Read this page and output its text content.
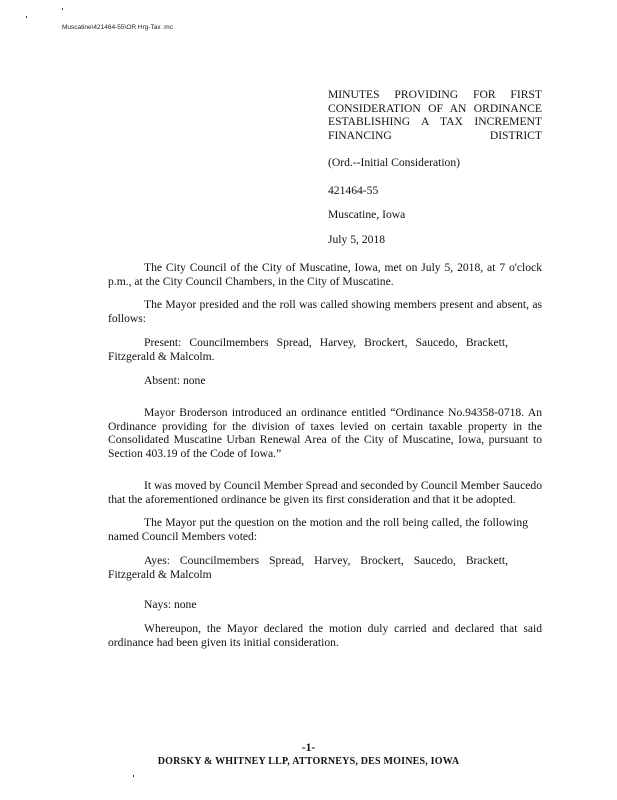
Muscatine\421464-55\OR Hrg-Tax .mc
MINUTES PROVIDING FOR FIRST CONSIDERATION OF AN ORDINANCE ESTABLISHING A TAX INCREMENT FINANCING DISTRICT
(Ord.--Initial Consideration)
421464-55
Muscatine, Iowa
July 5, 2018
The City Council of the City of Muscatine, Iowa, met on July 5, 2018, at 7 o'clock p.m., at the City Council Chambers, in the City of Muscatine.
The Mayor presided and the roll was called showing members present and absent, as follows:
Present: Councilmembers Spread, Harvey, Brockert, Saucedo, Brackett, Fitzgerald & Malcolm.
Absent: none
Mayor Broderson introduced an ordinance entitled “Ordinance No.94358-0718. An Ordinance providing for the division of taxes levied on certain taxable property in the Consolidated Muscatine Urban Renewal Area of the City of Muscatine, Iowa, pursuant to Section 403.19 of the Code of Iowa.”
It was moved by Council Member Spread and seconded by Council Member Saucedo that the aforementioned ordinance be given its first consideration and that it be adopted.
The Mayor put the question on the motion and the roll being called, the following named Council Members voted:
Ayes: Councilmembers Spread, Harvey, Brockert, Saucedo, Brackett, Fitzgerald & Malcolm
Nays: none
Whereupon, the Mayor declared the motion duly carried and declared that said ordinance had been given its initial consideration.
-1-
DORSKY & WHITNEY LLP, ATTORNEYS, DES MOINES, IOWA
